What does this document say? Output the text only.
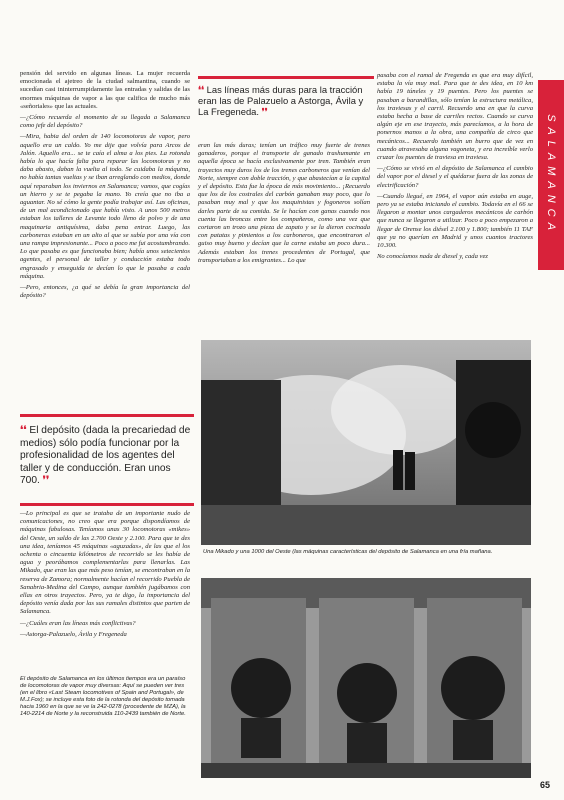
SALAMANCA

pensión del servido en algunas líneas. La mujer recuerda emocionada el ajetreo de la ciudad salmantina, cuando se sucedían casi ininterrumpidamente las entradas y salidas de las enormes máquinas de vapor a las que califica de mucho más «señoriales» que las actuales.

—¿Cómo recuerda el momento de su llegada a Salamanca como jefe del depósito?

—Mira, habia del orden de 140 locomotoras de vapor, pero aquello era un caldo. Yo me dije que volvía para Arcos de Jalón. Aquello era... se te caía el alma a los pies. La rotonda había lo que hacía falta para reparar las locomotoras y no daba abasto, daban la vuelta al todo. Se cuidaba la máquina, no había tantas vueltas y se iban arreglando con medios, donde aquí reparaban los inviernos en Salamanca; vamos, que cogías un hierro y se te pegaba la mano. Yo creía que no iba a aguantar. No sé cómo la gente podía trabajar así. Las oficinas, de un mal acondicionado que había visto. A unos 500 metros estaban los talleres de Levante todo lleno de polvo y de una maquinaria antiquísima, daba pena entrar. Luego, las carboneras estaban en un alto al que se subía por una vía con una rampa impresionante... Poco a poco me fui acostumbrando. Lo que pasaba es que funcionaba bien; había unos setecientos agentes, el personal de taller y conducción estaba todo engrasado y enseguida te decían lo que le pasaba a cada máquina.

—Pero, entonces, ¿a qué se debía la gran importancia del depósito?

❛❛ El depósito (dada la precariedad de medios) sólo podía funcionar por la profesionalidad de los agentes del taller y de conducción. Eran unos 700. ❜❜

—Lo principal es que se trataba de un importante nudo de comunicaciones, no creo que era porque dispondíamos de máquinas fabulosas. Teníamos unas 30 locomotoras «mikes» del Oeste, un saldo de las 2.700 Oeste y 2.100. Para que te des una idea, teníamos 45 máquinas «aguzadas», de las que el los ochenta o cincuenta kilómetros de recorrido se les había de agua y peorábamos complementarlas para llenarlas. Las Mikado, que eran las que más peso tenían, se encontraban en la reserva de Zamora; normalmente hacían el recorrido Puebla de Sanabria-Medina del Campo, aunque también jugábamos con ellas en otros trayectos. Pero, ya te digo, la importancia del depósito venía dada por las sus ramales distintos que parten de Salamanca.

—¿Cuáles eran las líneas más conflictivas?

—Astorga-Palazuelo, Ávila y Fregeneda

❛❛ Las líneas más duras para la tracción eran las de Palazuelo a Astorga, Ávila y La Fregeneda. ❜❜

eran las más duras; tenían un tráfico muy fuerte de trenes ganaderos, porque el transporte de ganado trashumante en aquella época se hacía exclusivamente por tren. También eran trayectos muy duros los de los trenes carboneros que venían del Norte, siempre con doble tracción, y que abastecían a la capital y el depósito. Esta fue la época de más movimiento... ¡Recuerdo que los de los costrales del carbón ganaban muy poco, que lo pasaban muy mal y que los maquinistas y fogoneros solían darles parte de su comida. Se le hacían con ganas cuando nos cuenta las broncas entre los compañeros, como una vez que cortaron un trozo una pieza de zapato y se la dieron cocinada con patatas y pimientos a los carboneros, que encontraron el guiso muy bueno y decían que la carne estaba un poco dura... Además estaban los trenes procedentes de Portugal, que transportaban a los emigrantes... Lo que

pasaba con el ramal de Fregenda es que era muy difícil, estaba la vía muy mal. Para que te des idea, en 10 km había 19 túneles y 19 puentes. Pero los puentes se pasaban a barandillas, sólo tenían la estructura metálica, los traviesas y el carril. Recuerdo una en que la curva estaba hecha a base de carriles rectos. Cuando se curva algún eje en ese trayecto, más parecíamos, a la hora de ponernos manos a la obra, una compañía de circo que mecánicos... Recuerdo también un burro que de vez en cuando atravesaba alguna vagoneta, y era increíble verlo cruzar los puentes de traviesa en traviesa.

—¿Cómo se vivió en el depósito de Salamanca el cambio del vapor por el diesel y el quédarse fuera de las zonas de electrificación?

—Cuando llegué, en 1964, el vapor aún estaba en auge, pero ya se estaba iniciando el cambio. Todavía en el 66 se llegaron a montar unos cargaderos mecánicos de carbón que nunca se llegaron a utilizar. Poco a poco empezaron a llegar de Orense los diésel 2.100 y 1.800; también 11 TAF que ya no querían en Madrid y unos cuantos tractores 10.300.

No conocíamos nada de diesel y, cada vez

Una Mikado y una 1000 del Oeste (las máquinas características del depósito de Salamanca en una fría mañana.
El depósito de Salamanca en los últimos tiempos era un paraíso de locomotoras de vapor muy diversas: Aquí se pueden ver tres (en el libro «Last Steam locomotives of Spain and Portugal», de M.J.Fox); se incluye esta foto de la rotonda del depósito tomada hacia 1960 en la que se ve la 242-0278 (procedente de MZA), la 140-2214 de Norte y la reconstruida 110-2439 también de Norte.
65
